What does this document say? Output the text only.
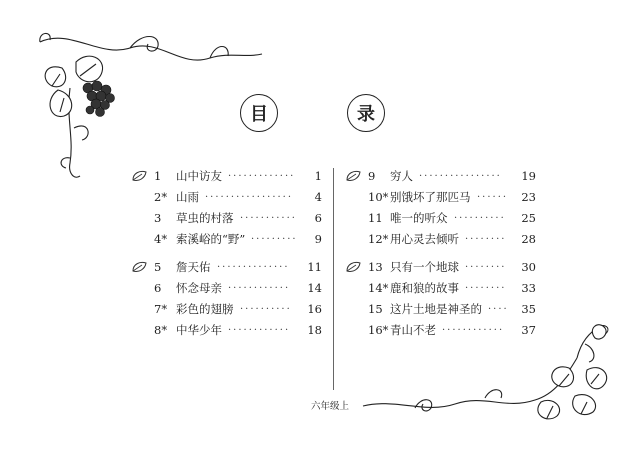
目	录
1	山中访友	1
·············
2* 山雨	4
·················
3	草虫的村落	6
···········
4* 索溪峪的“野”	9
·········
5	詹天佑	11
··············
6	怀念母亲	14
············
7* 彩色的翅膀	16
··········
8* 中华少年	18
············
9	穷人	19
················
10* 别饿坏了那匹马	23
······
11 唯一的听众	25
··········
12* 用心灵去倾听	28
········
13 只有一个地球	30
········
14* 鹿和狼的故事	33
········
15 这片土地是神圣的	35
····
16* 青山不老	37
············
六年级上
